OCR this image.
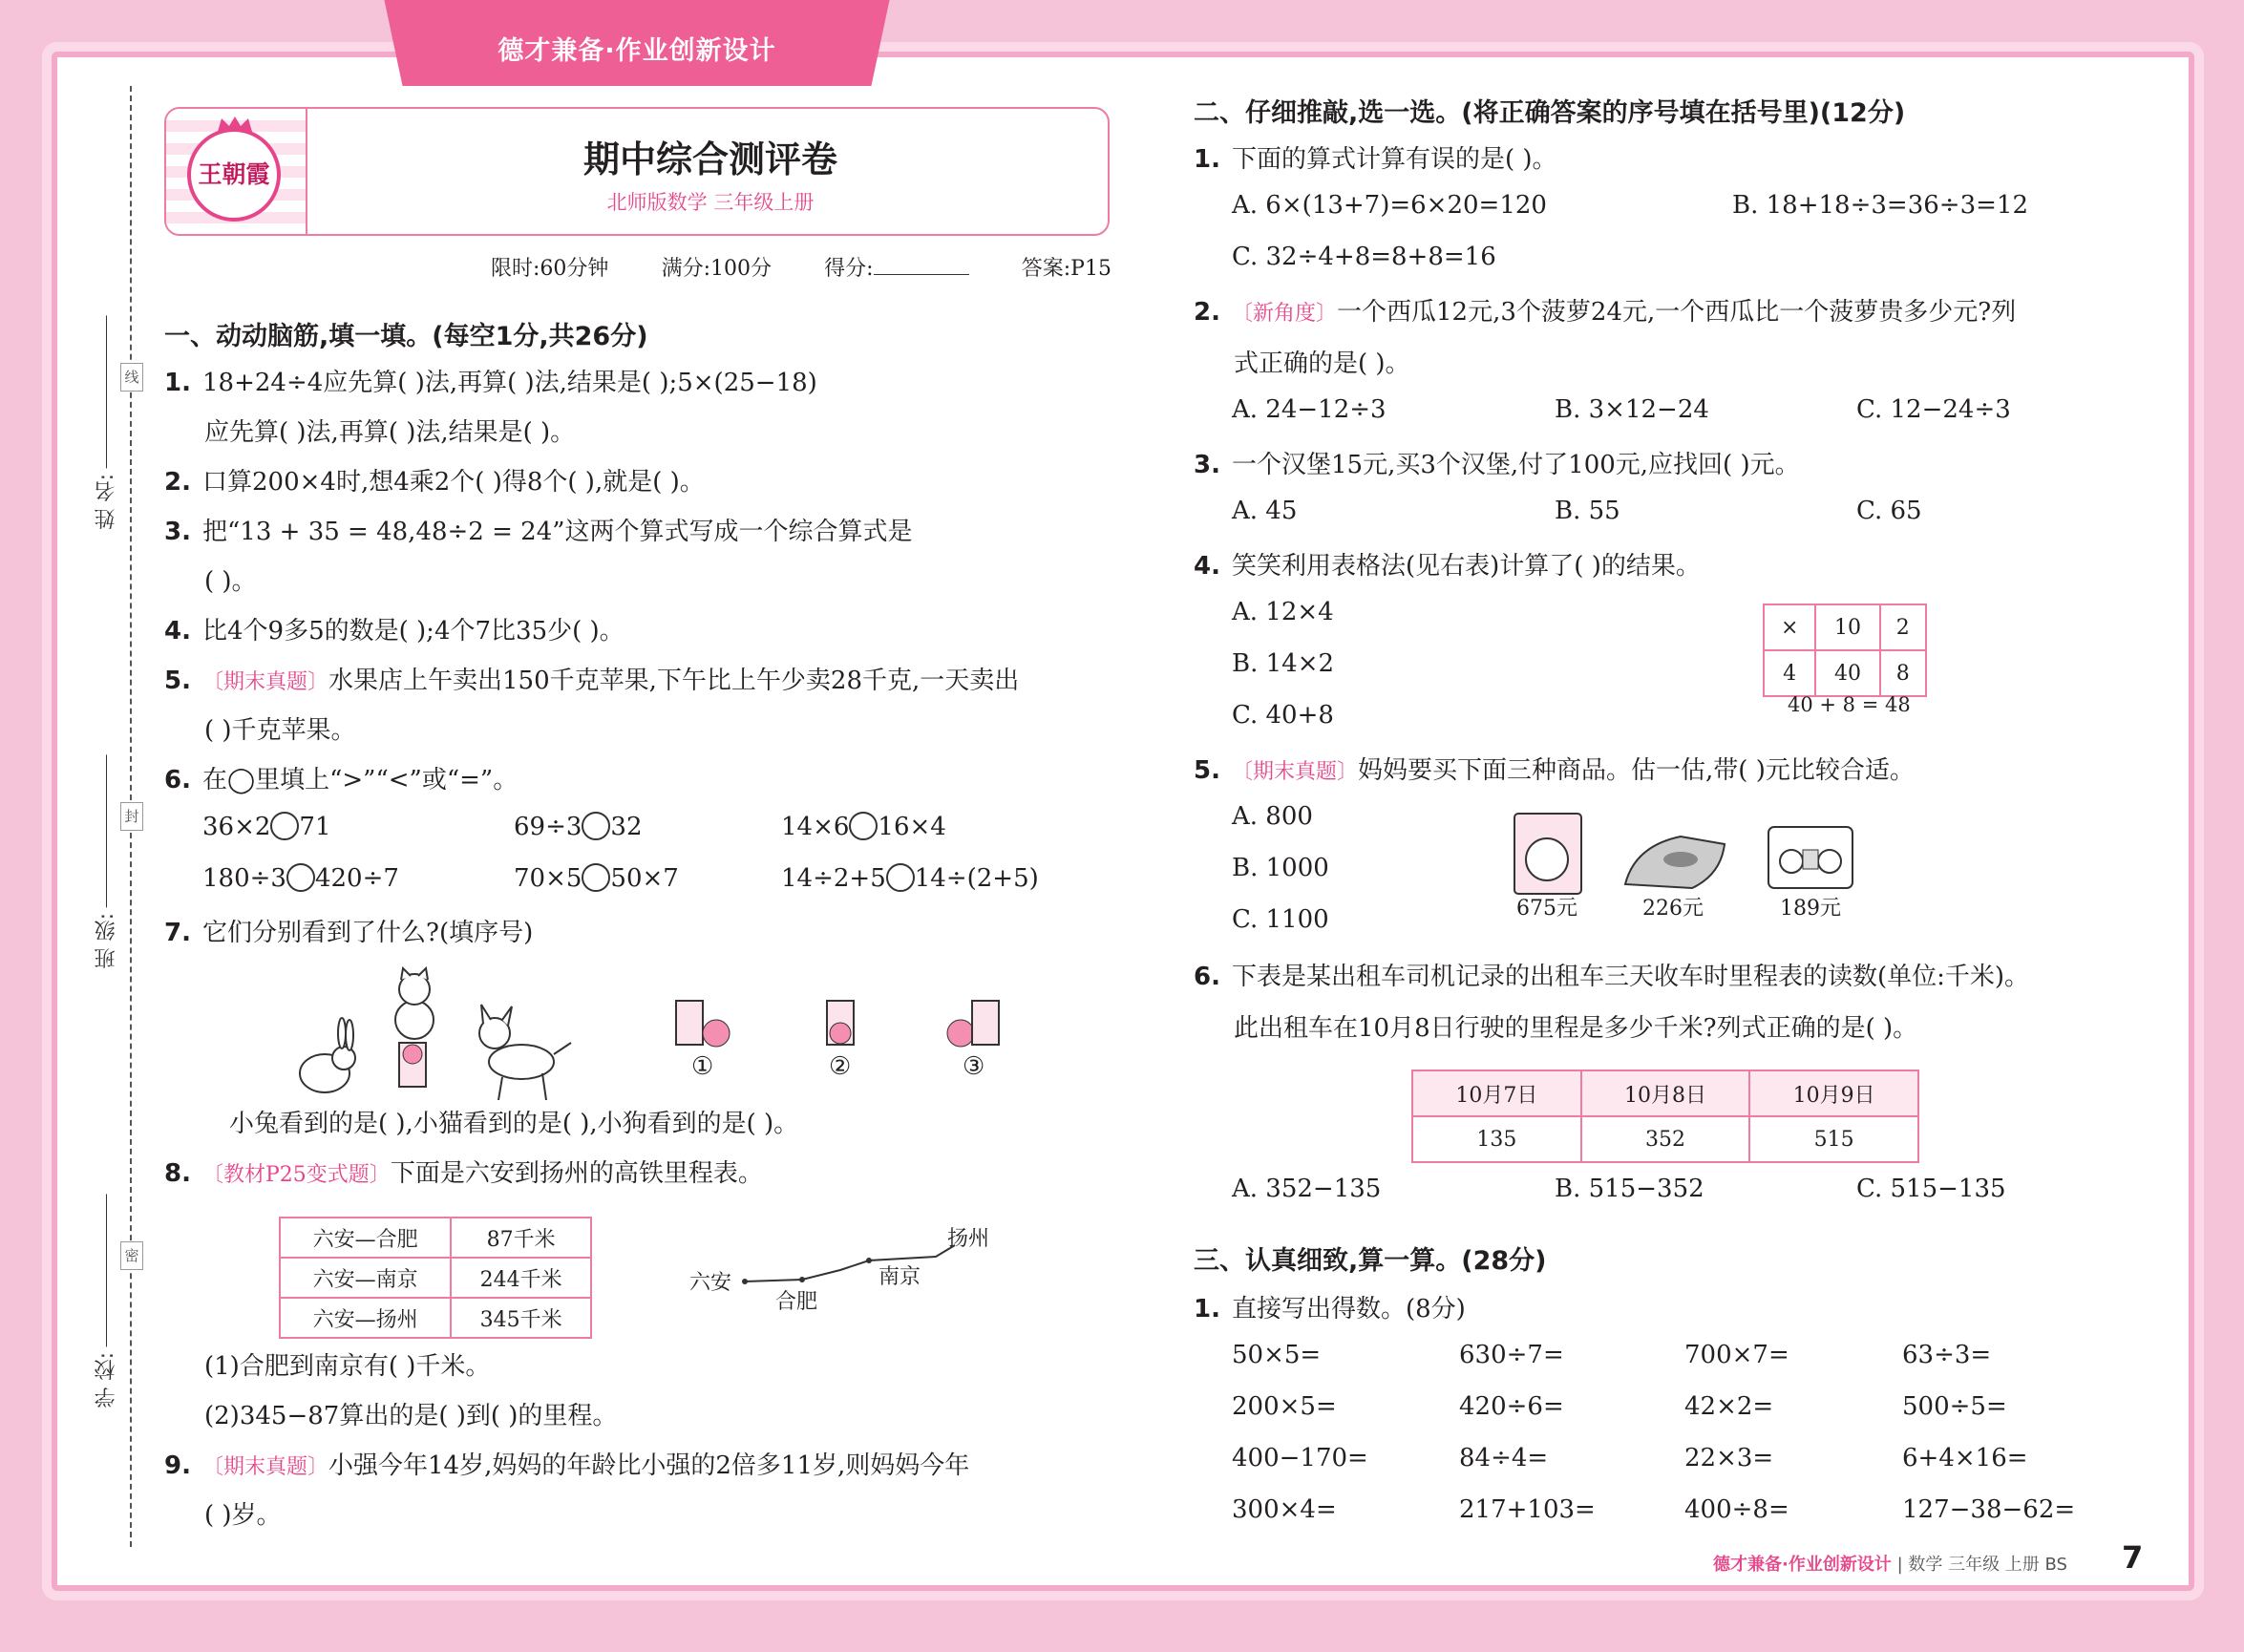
德才兼备·作业创新设计
线
封
密
姓 名:
班 级:
学 校:
王朝霞	期中综合测评卷
北师版数学 三年级上册
限时:60分钟	满分:100分	得分:	答案:P15
一、动动脑筋,填一填。(每空1分,共26分)
1. 18+24÷4应先算( )法,再算( )法,结果是( );5×(25−18)
应先算( )法,再算( )法,结果是( )。
2. 口算200×4时,想4乘2个( )得8个( ),就是( )。
3. 把“13 + 35 = 48,48÷2 = 24”这两个算式写成一个综合算式是
( )。
4. 比4个9多5的数是( );4个7比35少( )。
5. 〔期末真题〕水果店上午卖出150千克苹果,下午比上午少卖28千克,一天卖出
( )千克苹果。
6. 在◯里填上“>”“<”或“=”。
36×2 71	69÷3 32	14×6 16×4
180÷3 420÷7	70×5 50×7	14÷2+5 14÷(2+5)
7. 它们分别看到了什么?(填序号)
①	②	③
小兔看到的是( ),小猫看到的是( ),小狗看到的是( )。
8. 〔教材P25变式题〕下面是六安到扬州的高铁里程表。
六安—合肥	87千米
六安—南京	244千米
六安—扬州	345千米
六安
合肥
南京
扬州
(1)合肥到南京有( )千米。
(2)345−87算出的是( )到( )的里程。
9. 〔期末真题〕小强今年14岁,妈妈的年龄比小强的2倍多11岁,则妈妈今年
( )岁。
二、仔细推敲,选一选。(将正确答案的序号填在括号里)(12分)
1. 下面的算式计算有误的是( )。
A. 6×(13+7)=6×20=120	B. 18+18÷3=36÷3=12
C. 32÷4+8=8+8=16
2. 〔新角度〕一个西瓜12元,3个菠萝24元,一个西瓜比一个菠萝贵多少元?列
式正确的是( )。
A. 24−12÷3	B. 3×12−24	C. 12−24÷3
3. 一个汉堡15元,买3个汉堡,付了100元,应找回( )元。
A. 45	B. 55	C. 65
4. 笑笑利用表格法(见右表)计算了( )的结果。
A. 12×4
B. 14×2
C. 40+8
×	10	2
4	40	8
40 + 8 = 48
5. 〔期末真题〕妈妈要买下面三种商品。估一估,带( )元比较合适。
A. 800
B. 1000
C. 1100	675元	226元	189元
6. 下表是某出租车司机记录的出租车三天收车时里程表的读数(单位:千米)。
此出租车在10月8日行驶的里程是多少千米?列式正确的是( )。
10月7日	10月8日	10月9日
135	352	515
A. 352−135	B. 515−352	C. 515−135
三、认真细致,算一算。(28分)
1. 直接写出得数。(8分)
50×5=	630÷7=	700×7=	63÷3=
200×5=	420÷6=	42×2=	500÷5=
400−170=	84÷4=	22×3=	6+4×16=
300×4=	217+103=	400÷8=	127−38−62=
德才兼备·作业创新设计 | 数学 三年级 上册 BS 7
